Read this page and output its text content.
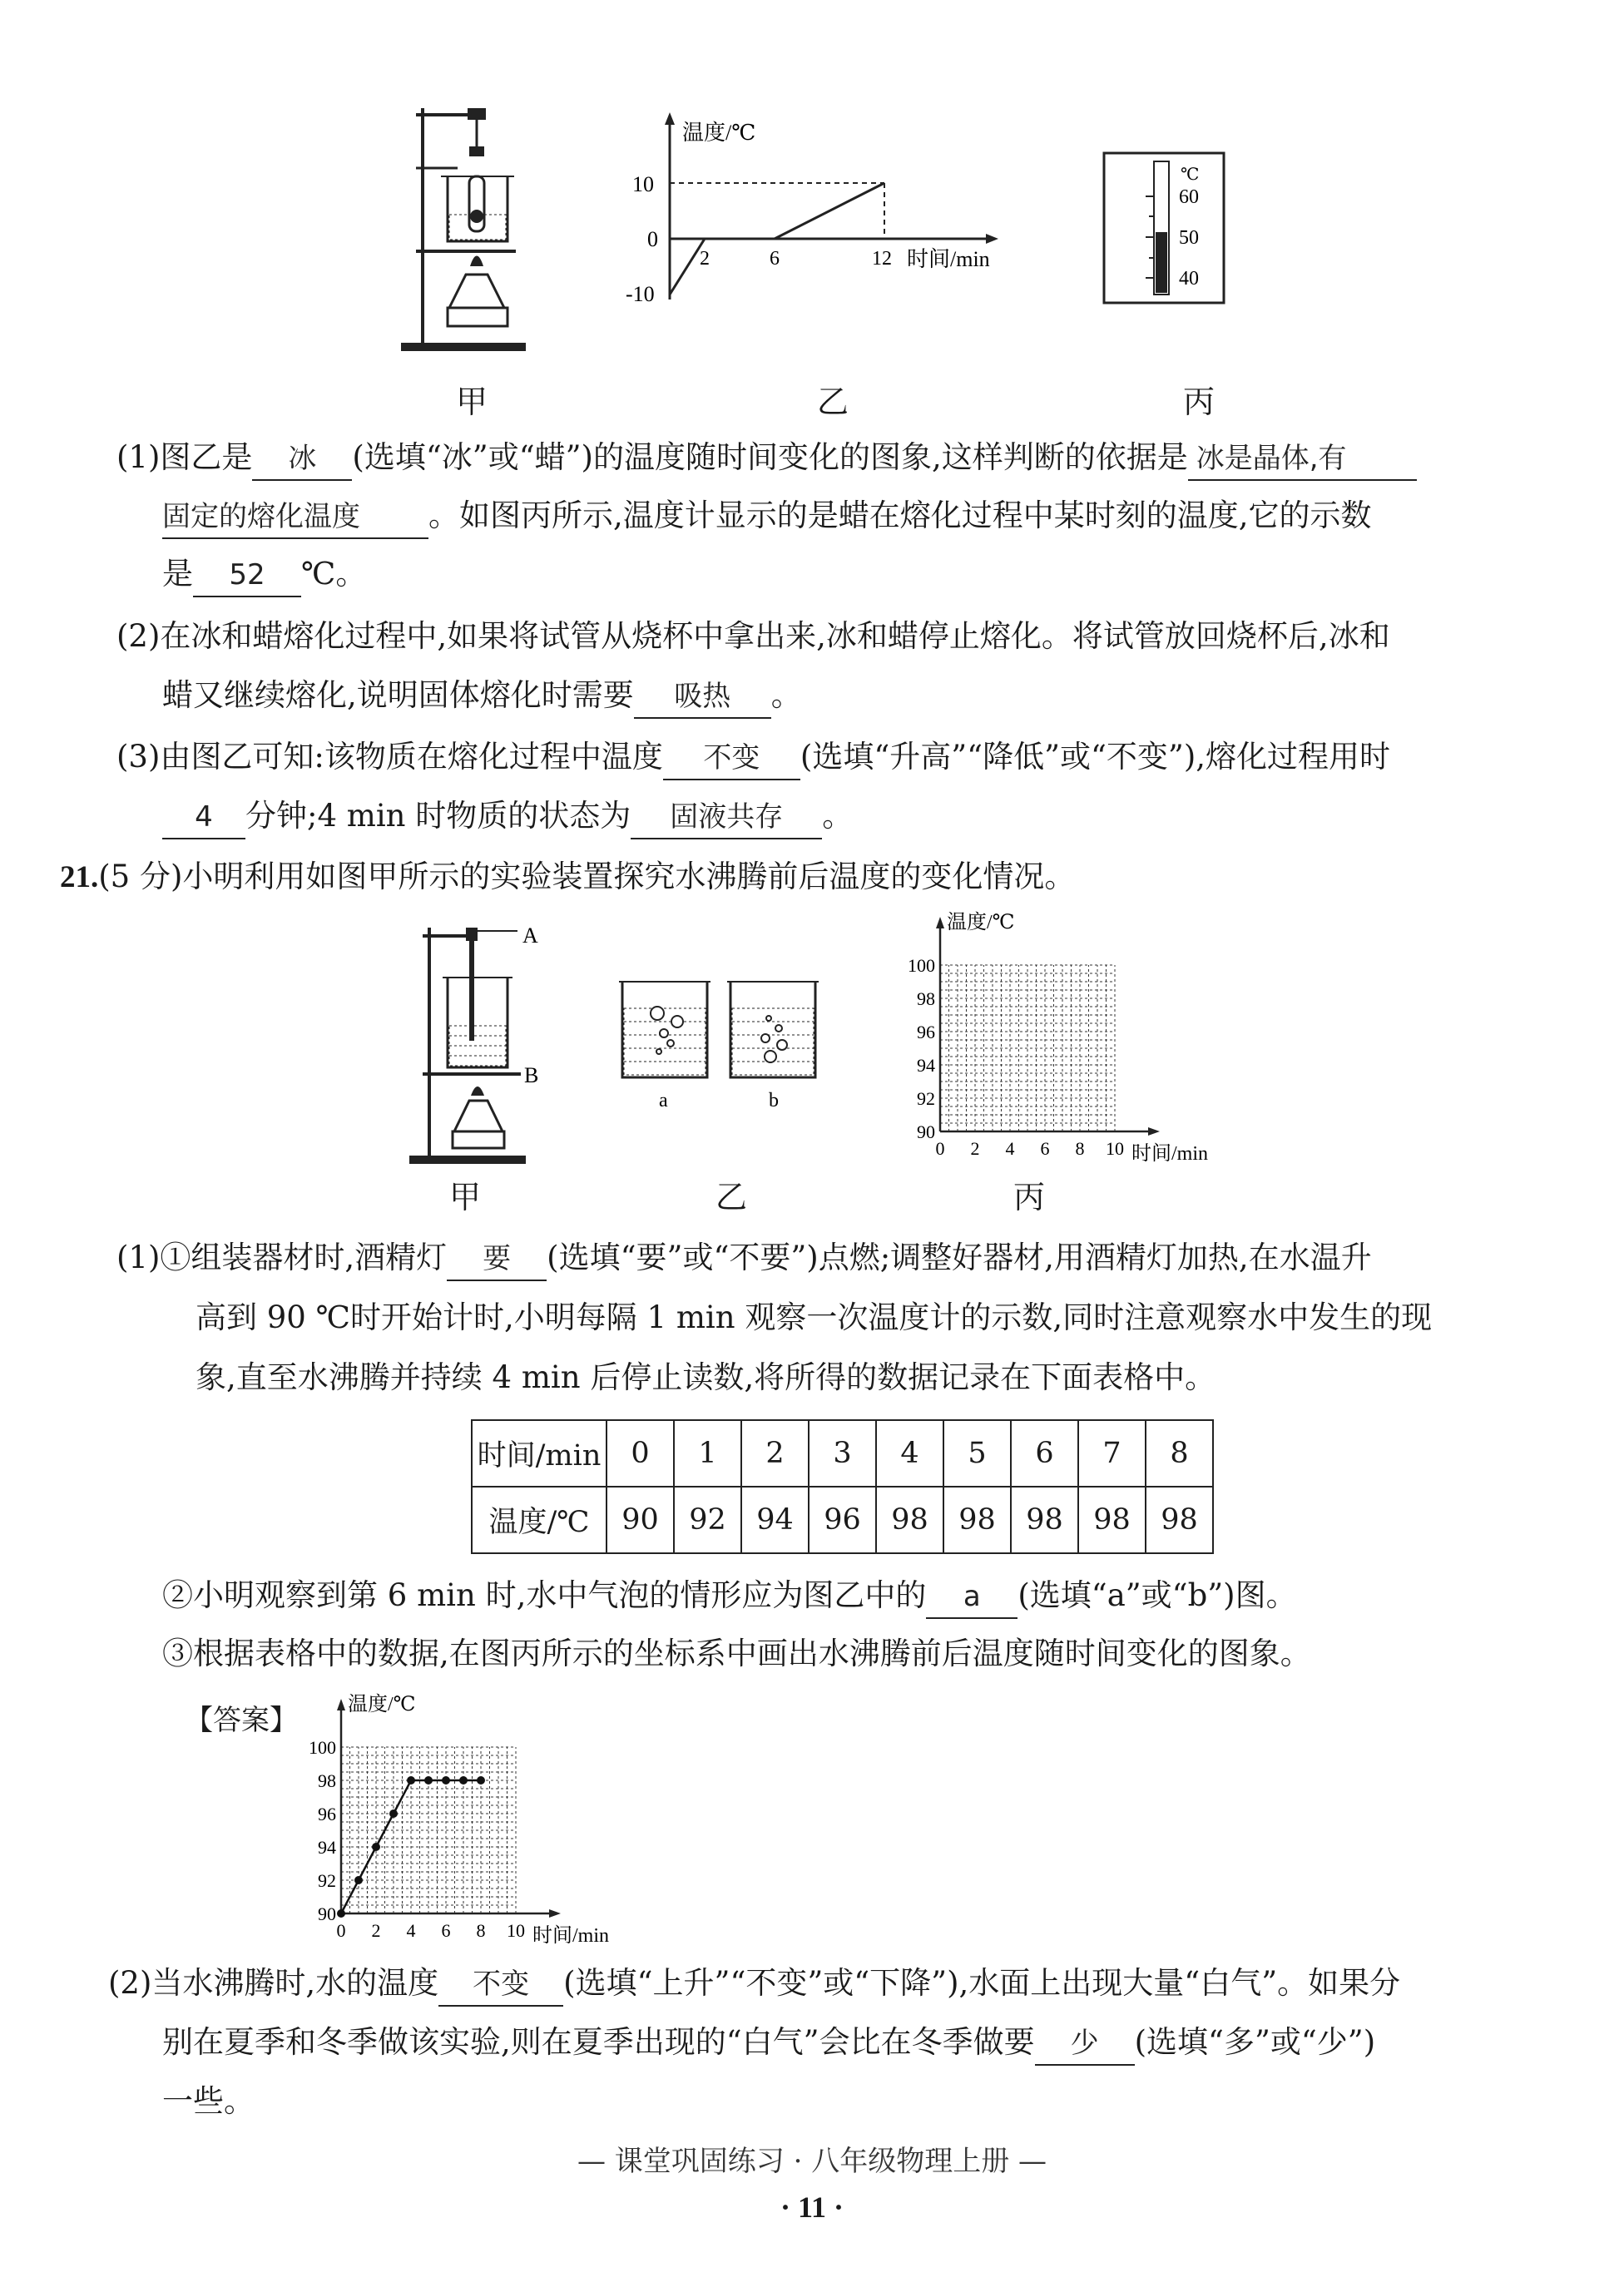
温度/℃
时间/min
10
0
-10
2	6	12
℃
60
50
40
甲	乙	丙
(1)图乙是 冰 (选填“冰”或“蜡”)的温度随时间变化的图象,这样判断的依据是 冰是晶体,有
固定的熔化温度 。如图丙所示,温度计显示的是蜡在熔化过程中某时刻的温度,它的示数
是 52 ℃。
(2)在冰和蜡熔化过程中,如果将试管从烧杯中拿出来,冰和蜡停止熔化。将试管放回烧杯后,冰和
蜡又继续熔化,说明固体熔化时需要 吸热 。
(3)由图乙可知:该物质在熔化过程中温度 不变 (选填“升高”“降低”或“不变”),熔化过程用时
4 分钟;4 min 时物质的状态为 固液共存 。
21.(5 分)小明利用如图甲所示的实验装置探究水沸腾前后温度的变化情况。
A
B
a	b
温度/℃
时间/min
100
98
96
94
92
90
0 2 4 6 8 10
甲	乙	丙
(1)①组装器材时,酒精灯 要 (选填“要”或“不要”)点燃;调整好器材,用酒精灯加热,在水温升
高到 90 ℃时开始计时,小明每隔 1 min 观察一次温度计的示数,同时注意观察水中发生的现
象,直至水沸腾并持续 4 min 后停止读数,将所得的数据记录在下面表格中。
时间/min	0	1	2	3	4	5	6	7	8
温度/℃	90	92	94	96	98	98	98	98	98
②小明观察到第 6 min 时,水中气泡的情形应为图乙中的 a (选填“a”或“b”)图。
③根据表格中的数据,在图丙所示的坐标系中画出水沸腾前后温度随时间变化的图象。
【答案】	温度/℃
时间/min
100
98
96
94
92
90
0 2 4 6 8 10
(2)当水沸腾时,水的温度 不变 (选填“上升”“不变”或“下降”),水面上出现大量“白气”。如果分
别在夏季和冬季做该实验,则在夏季出现的“白气”会比在冬季做要 少 (选填“多”或“少”)
一些。
— 课堂巩固练习 · 八年级物理上册 —
· 11 ·
